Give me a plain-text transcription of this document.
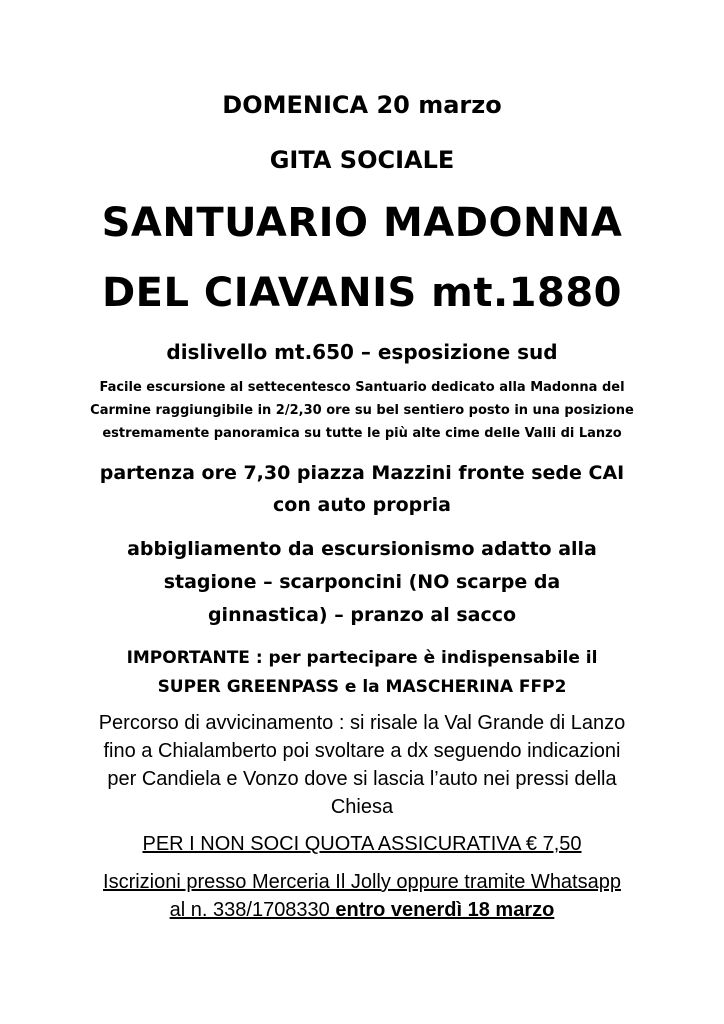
DOMENICA 20 marzo

GITA SOCIALE

SANTUARIO MADONNA

DEL CIAVANIS mt.1880

dislivello mt.650 – esposizione sud

Facile escursione al settecentesco Santuario dedicato alla Madonna del

Carmine raggiungibile in 2/2,30 ore su bel sentiero posto in una posizione

estremamente panoramica su tutte le più alte cime delle Valli di Lanzo

partenza ore 7,30 piazza Mazzini fronte sede CAI

con auto propria

abbigliamento da escursionismo adatto alla

stagione – scarponcini (NO scarpe da

ginnastica) – pranzo al sacco

IMPORTANTE : per partecipare è indispensabile il

SUPER GREENPASS e la MASCHERINA FFP2

Percorso di avvicinamento : si risale la Val Grande di Lanzo

fino a Chialamberto poi svoltare a dx seguendo indicazioni

per Candiela e Vonzo dove si lascia l’auto nei pressi della

Chiesa

PER I NON SOCI QUOTA ASSICURATIVA € 7,50

Iscrizioni presso Merceria Il Jolly oppure tramite Whatsapp

al n. 338/1708330 entro venerdì 18 marzo
